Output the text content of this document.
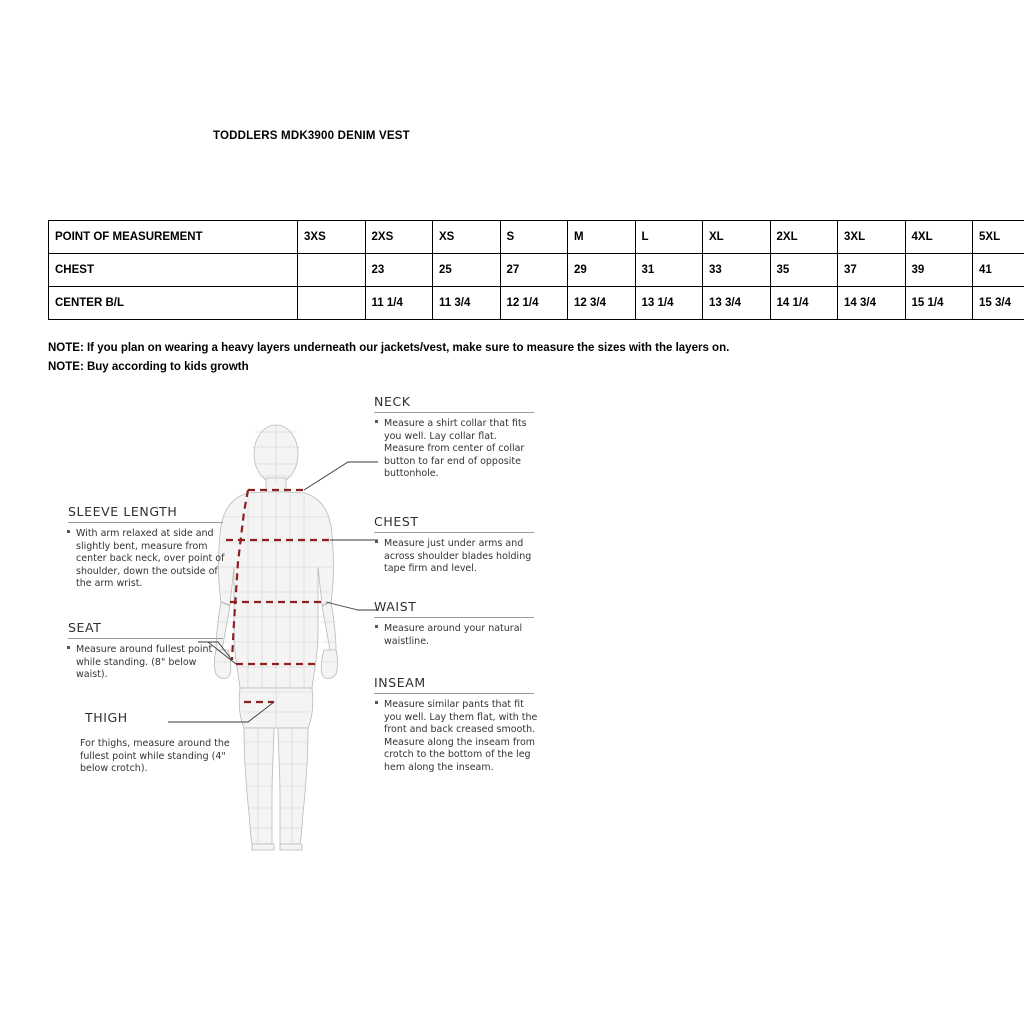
TODDLERS MDK3900 DENIM VEST
POINT OF MEASUREMENT	3XS	2XS	XS	S	M	L	XL	2XL	3XL	4XL	5XL
CHEST		23	25	27	29	31	33	35	37	39	41
CENTER B/L		11 1/4	11 3/4	12 1/4	12 3/4	13 1/4	13 3/4	14 1/4	14 3/4	15 1/4	15 3/4
NOTE: If you plan on wearing a heavy layers underneath our jackets/vest, make sure to measure the sizes with the layers on.
NOTE: Buy according to kids growth
NECK
Measure a shirt collar that fits you well. Lay collar flat. Measure from center of collar button to far end of opposite buttonhole.
CHEST
Measure just under arms and across shoulder blades holding tape firm and level.
WAIST
Measure around your natural waistline.
INSEAM
Measure similar pants that fit you well. Lay them flat, with the front and back creased smooth. Measure along the inseam from crotch to the bottom of the leg hem along the inseam.
SLEEVE LENGTH
With arm relaxed at side and slightly bent, measure from center back neck, over point of shoulder, down the outside of the arm wrist.
SEAT
Measure around fullest point while standing. (8" below waist).
THIGH
For thighs, measure around the fullest point while standing (4" below crotch).
